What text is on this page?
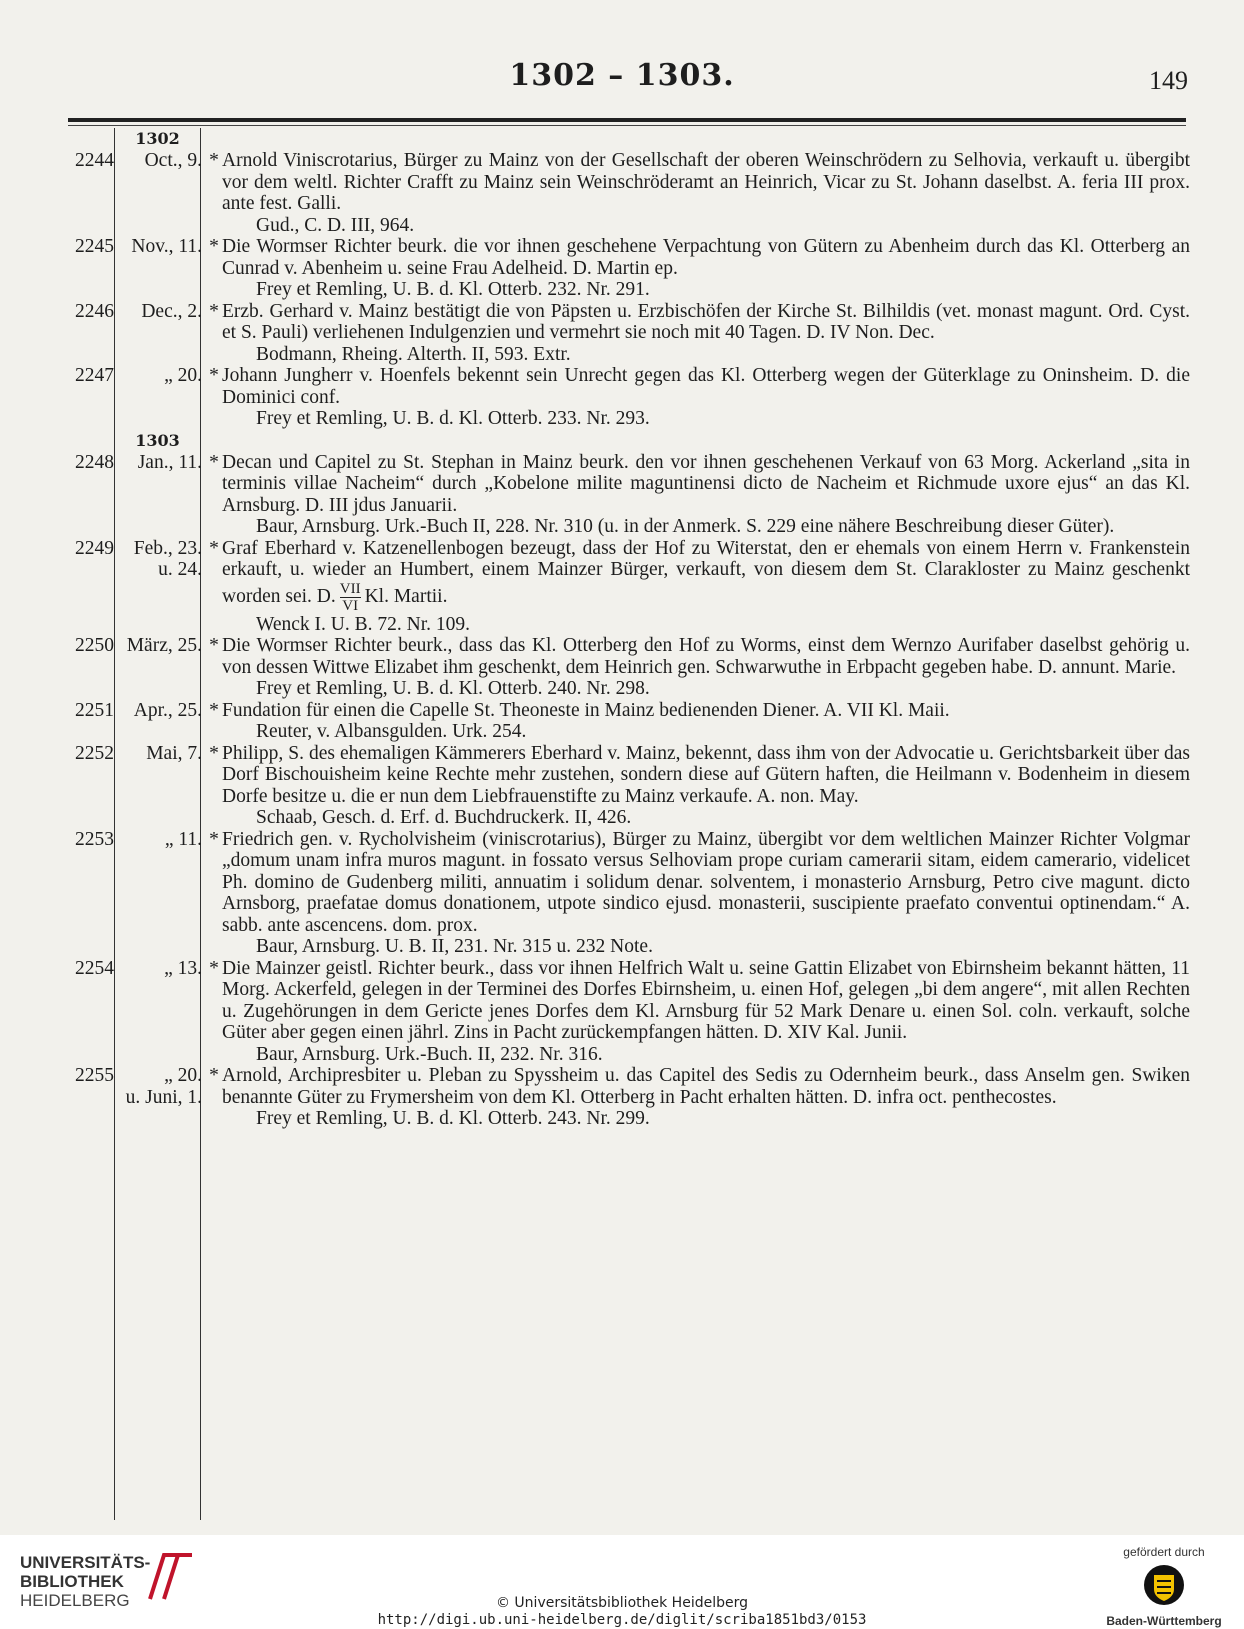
1302 – 1303.	149
1302
2244	Oct., 9. * Arnold Viniscrotarius, Bürger zu Mainz von der Gesellschaft der oberen Weinschrödern zu Selhovia, verkauft u. übergibt vor dem weltl. Richter Crafft zu Mainz sein Weinschröderamt an Heinrich, Vicar zu St. Johann daselbst. A. feria III prox. ante fest. Galli.
Gud., C. D. III, 964.
2245 Nov., 11. * Die Wormser Richter beurk. die vor ihnen geschehene Verpachtung von Gütern zu Abenheim durch das Kl. Otterberg an Cunrad v. Abenheim u. seine Frau Adelheid. D. Martin ep.
Frey et Remling, U. B. d. Kl. Otterb. 232. Nr. 291.
2246	Dec., 2. * Erzb. Gerhard v. Mainz bestätigt die von Päpsten u. Erzbischöfen der Kirche St. Bilhildis (vet. monast magunt. Ord. Cyst. et S. Pauli) verliehenen Indulgenzien und vermehrt sie noch mit 40 Tagen. D. IV Non. Dec.
Bodmann, Rheing. Alterth. II, 593. Extr.
2247	„ 20. * Johann Jungherr v. Hoenfels bekennt sein Unrecht gegen das Kl. Otterberg wegen der Güterklage zu Oninsheim. D. die Dominici conf.
Frey et Remling, U. B. d. Kl. Otterb. 233. Nr. 293.
1303
2248	Jan., 11. * Decan und Capitel zu St. Stephan in Mainz beurk. den vor ihnen geschehenen Verkauf von 63 Morg. Ackerland „sita in terminis villae Nacheim“ durch „Kobelone milite maguntinensi dicto de Nacheim et Richmude uxore ejus“ an das Kl. Arnsburg. D. III jdus Januarii.
Baur, Arnsburg. Urk.-Buch II, 228. Nr. 310 (u. in der Anmerk. S. 229 eine nähere Beschreibung dieser Güter).
2249	Feb., 23.
u. 24.
* Graf Eberhard v. Katzenellenbogen bezeugt, dass der Hof zu Witerstat, den er ehemals von einem Herrn v. Frankenstein erkauft, u. wieder an Humbert, einem Mainzer Bürger, verkauft, von diesem dem St. Claraklоster zu Mainz geschenkt worden sei. D. VII
VI Kl. Martii.
Wenck I. U. B. 72. Nr. 109.
2250 März, 25. * Die Wormser Richter beurk., dass das Kl. Otterberg den Hof zu Worms, einst dem Wernzo Aurifaber daselbst gehörig u. von dessen Wittwe Elizabet ihm geschenkt, dem Heinrich gen. Schwarwuthe in Erbpacht gegeben habe. D. annunt. Marie.
Frey et Remling, U. B. d. Kl. Otterb. 240. Nr. 298.
2251	Apr., 25. * Fundation für einen die Capelle St. Theoneste in Mainz bedienenden Diener. A. VII Kl. Maii.
Reuter, v. Albansgulden. Urk. 254.
2252	Mai, 7. * Philipp, S. des ehemaligen Kämmerers Eberhard v. Mainz, bekennt, dass ihm von der Advocatie u. Gerichtsbarkeit über das Dorf Bischouisheim keine Rechte mehr zustehen, sondern diese auf Gütern haften, die Heilmann v. Bodenheim in diesem Dorfe besitze u. die er nun dem Liebfrauenstifte zu Mainz verkaufe. A. non. May.
Schaab, Gesch. d. Erf. d. Buchdruckerk. II, 426.
2253	„ 11. * Friedrich gen. v. Rycholvisheim (viniscrotarius), Bürger zu Mainz, übergibt vor dem weltlichen Mainzer Richter Volgmar „domum unam infra muros magunt. in fossato versus Selhoviam prope curiam camerarii sitam, eidem camerario, videlicet Ph. domino de Gudenberg militi, annuatim i solidum denar. solventem, i monasterio Arnsburg, Petro cive magunt. dicto Arnsborg, praefatae domus donationem, utpote sindico ejusd. monasterii, suscipiente praefato conventui optinendam.“ A. sabb. ante ascencens. dom. prox.
Baur, Arnsburg. U. B. II, 231. Nr. 315 u. 232 Note.
2254	„ 13. * Die Mainzer geistl. Richter beurk., dass vor ihnen Helfrich Walt u. seine Gattin Elizabet von Ebirnsheim bekannt hätten, 11 Morg. Ackerfeld, gelegen in der Terminei des Dorfes Ebirnsheim, u. einen Hof, gelegen „bi dem angere“, mit allen Rechten u. Zugehörungen in dem Gericte jenes Dorfes dem Kl. Arnsburg für 52 Mark Denare u. einen Sol. coln. verkauft, solche Güter aber gegen einen jährl. Zins in Pacht zurückempfangen hätten. D. XIV Kal. Junii.
Baur, Arnsburg. Urk.-Buch. II, 232. Nr. 316.
2255	„ 20.
u. Juni, 1.
* Arnold, Archipresbiter u. Pleban zu Spyssheim u. das Capitel des Sedis zu Odernheim beurk., dass Anselm gen. Swiken benannte Güter zu Frymersheim von dem Kl. Otterberg in Pacht erhalten hätten. D. infra oct. penthecostes.
Frey et Remling, U. B. d. Kl. Otterb. 243. Nr. 299.
UNIVERSITÄTS-
BIBLIOTHEK
HEIDELBERG	© Universitätsbibliothek Heidelberg
http://digi.ub.uni-heidelberg.de/diglit/scriba1851bd3/0153
gefördert durch
Baden-Württemberg
